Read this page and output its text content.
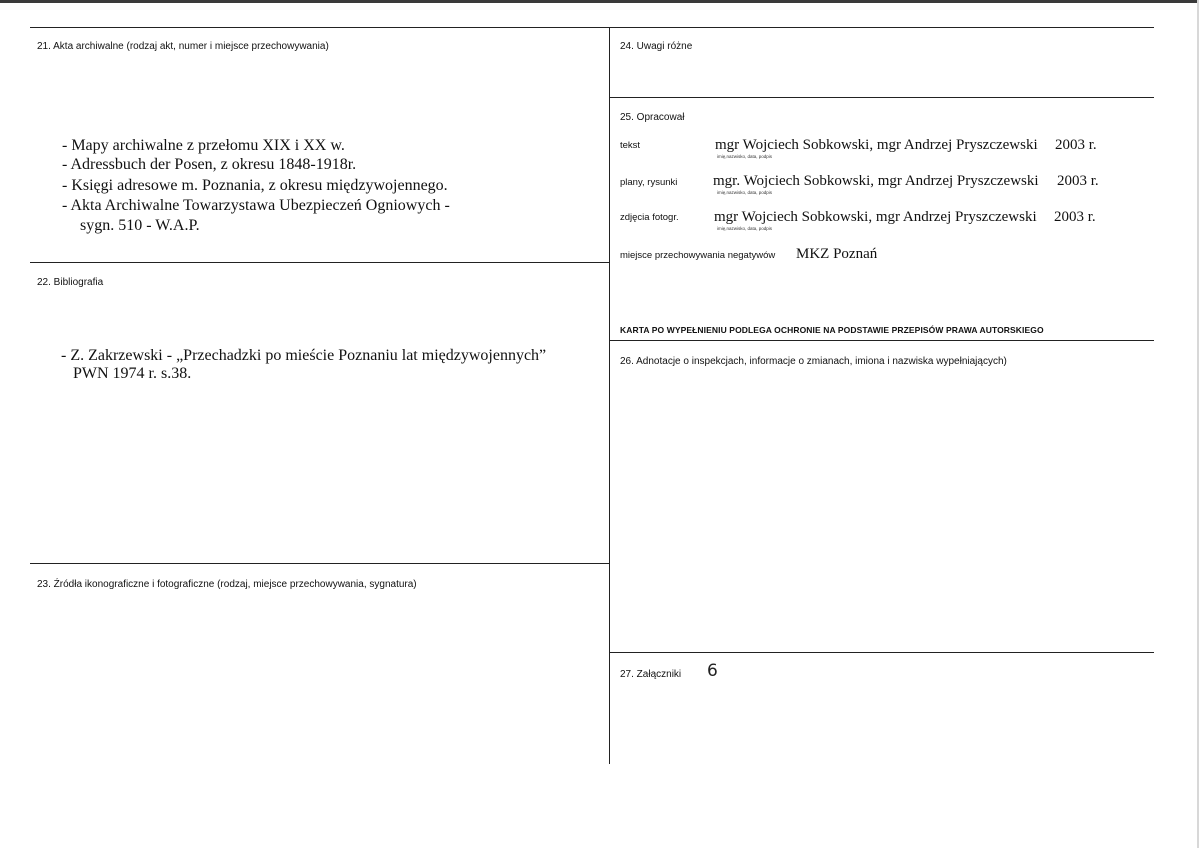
21. Akta archiwalne (rodzaj akt, numer i miejsce przechowywania)
- Mapy archiwalne z przełomu XIX i XX w.
- Adressbuch der Posen, z okresu 1848-1918r.
- Księgi adresowe m. Poznania, z okresu międzywojennego.
- Akta Archiwalne Towarzystawa Ubezpieczeń Ogniowych -
sygn. 510 - W.A.P.
22. Bibliografia
- Z. Zakrzewski - „Przechadzki po mieście Poznaniu lat międzywojennych”
PWN 1974 r. s.38.
23. Źródła ikonograficzne i fotograficzne (rodzaj, miejsce przechowywania, sygnatura)
24. Uwagi różne
25. Opracował
tekst	mgr Wojciech Sobkowski, mgr Andrzej Pryszczewski 2003 r.
imię,nazwisko, data, podpis
plany, rysunki mgr. Wojciech Sobkowski, mgr Andrzej Pryszczewski 2003 r.
imię,nazwisko, data, podpis
zdjęcia fotogr. mgr Wojciech Sobkowski, mgr Andrzej Pryszczewski 2003 r.
imię,nazwisko, data, podpis
miejsce przechowywania negatywów MKZ Poznań
KARTA PO WYPEŁNIENIU PODLEGA OCHRONIE NA PODSTAWIE PRZEPISÓW PRAWA AUTORSKIEGO
26. Adnotacje o inspekcjach, informacje o zmianach, imiona i nazwiska wypełniających)
27. Załączniki 6
